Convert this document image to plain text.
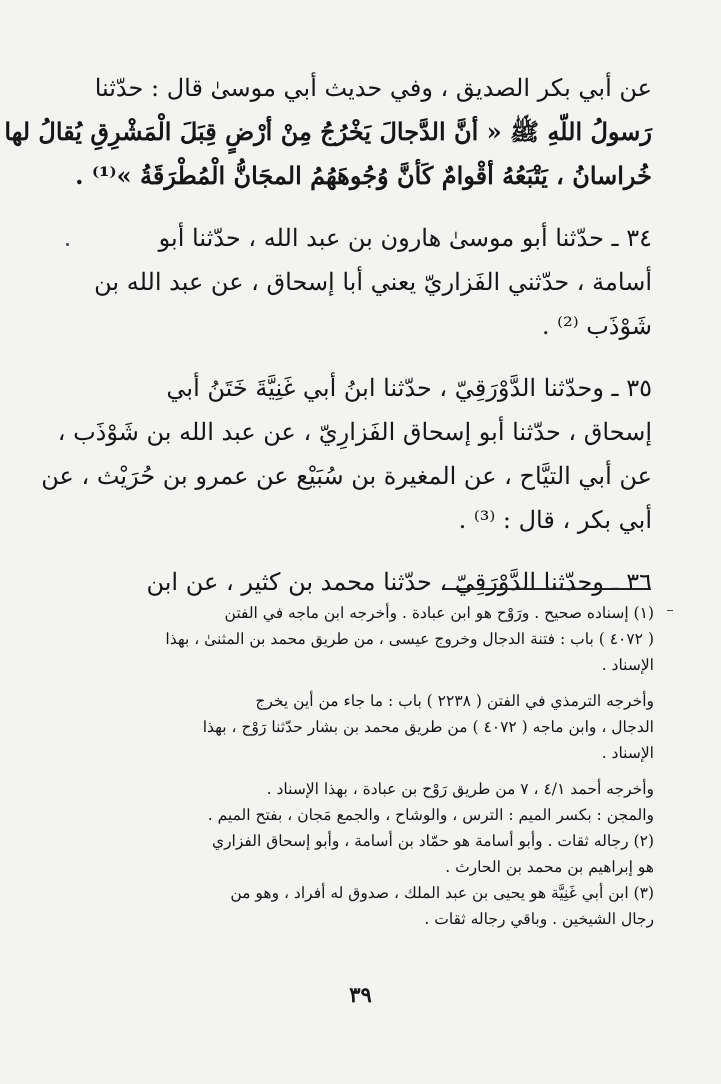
عن أبي بكر الصديق ، وفي حديث أبي موسىٰ قال : حدّثنا
رَسولُ اللّهِ ﷺ « أنَّ الدَّجالَ يَخْرُجُ مِنْ أرْضٍ قِبَلَ الْمَشْرِقِ يُقالُ لها
خُراسانُ ، يَتْبَعُهُ أقْوامٌ كَأنَّ وُجُوهَهُمُ المجَانُّ الْمُطْرَقَةُ »⁽¹⁾ .

٣٤ ـ حدّثنا أبو موسىٰ هارون بن عبد الله ، حدّثنا أبو
أسامة ، حدّثني الفَزاريّ يعني أبا إسحاق ، عن عبد الله بن
شَوْذَب ⁽²⁾ .

٣٥ ـ وحدّثنا الدَّوْرَقِيّ ، حدّثنا ابنُ أبي غَنِيَّةَ خَتَنُ أبي
إسحاق ، حدّثنا أبو إسحاق الفَزارِيّ ، عن عبد الله بن شَوْذَب ،
عن أبي التيَّاح ، عن المغيرة بن سُبَيْع عن عمرو بن حُرَيْث ، عن
أبي بكر ، قال : ⁽³⁾ .

٣٦ ـ وحدّثنا الدَّوْرَقِيّ ، حدّثنا محمد بن كثير ، عن ابن

(١) إسناده صحيح . ورَوْح هو ابن عبادة . وأخرجه ابن ماجه في الفتن
( ٤٠٧٢ ) باب : فتنة الدجال وخروج عيسى ، من طريق محمد بن المثنىٰ ، بهذا
الإسناد .
وأخرجه الترمذي في الفتن ( ٢٢٣٨ ) باب : ما جاء من أين يخرج
الدجال ، وابن ماجه ( ٤٠٧٢ ) من طريق محمد بن بشار حدّثنا رَوْح ، بهذا
الإسناد .
وأخرجه أحمد ٤/١ ، ٧ من طريق رَوْح بن عبادة ، بهذا الإسناد .
والمجن : بكسر الميم : الترس ، والوشاح ، والجمع مَجان ، بفتح الميم .
(٢) رجاله ثقات . وأبو أسامة هو حمّاد بن أسامة ، وأبو إسحاق الفزاري
هو إبراهيم بن محمد بن الحارث .
(٣) ابن أبي غَنِيَّة هو يحيى بن عبد الملك ، صدوق له أفراد ، وهو من
رجال الشيخين . وباقي رجاله ثقات .
٣٩
